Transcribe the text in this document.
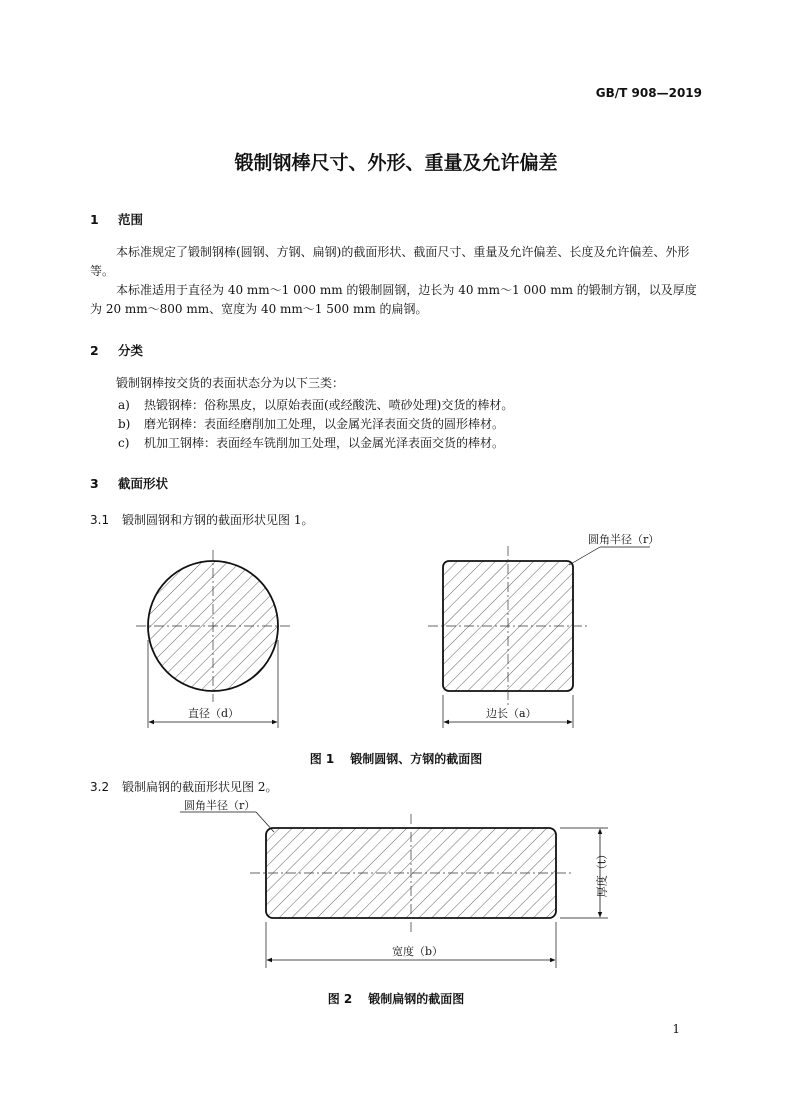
GB/T 908—2019
锻制钢棒尺寸、外形、重量及允许偏差
1 范围
本标准规定了锻制钢棒(圆钢、方钢、扁钢)的截面形状、截面尺寸、重量及允许偏差、长度及允许偏差、外形等。
本标准适用于直径为 40 mm～1 000 mm 的锻制圆钢，边长为 40 mm～1 000 mm 的锻制方钢，以及厚度为 20 mm～800 mm、宽度为 40 mm～1 500 mm 的扁钢。
2 分类
锻制钢棒按交货的表面状态分为以下三类：
a) 热锻钢棒：俗称黑皮，以原始表面(或经酸洗、喷砂处理)交货的棒材。
b) 磨光钢棒：表面经磨削加工处理，以金属光泽表面交货的圆形棒材。
c) 机加工钢棒：表面经车铣削加工处理，以金属光泽表面交货的棒材。
3 截面形状
3.1 锻制圆钢和方钢的截面形状见图 1。
直径（d）	边长（a）
圆角半径（r）
图 1 锻制圆钢、方钢的截面图
3.2 锻制扁钢的截面形状见图 2。
圆角半径（r）
厚度（t）
宽度（b）
图 2 锻制扁钢的截面图
1
